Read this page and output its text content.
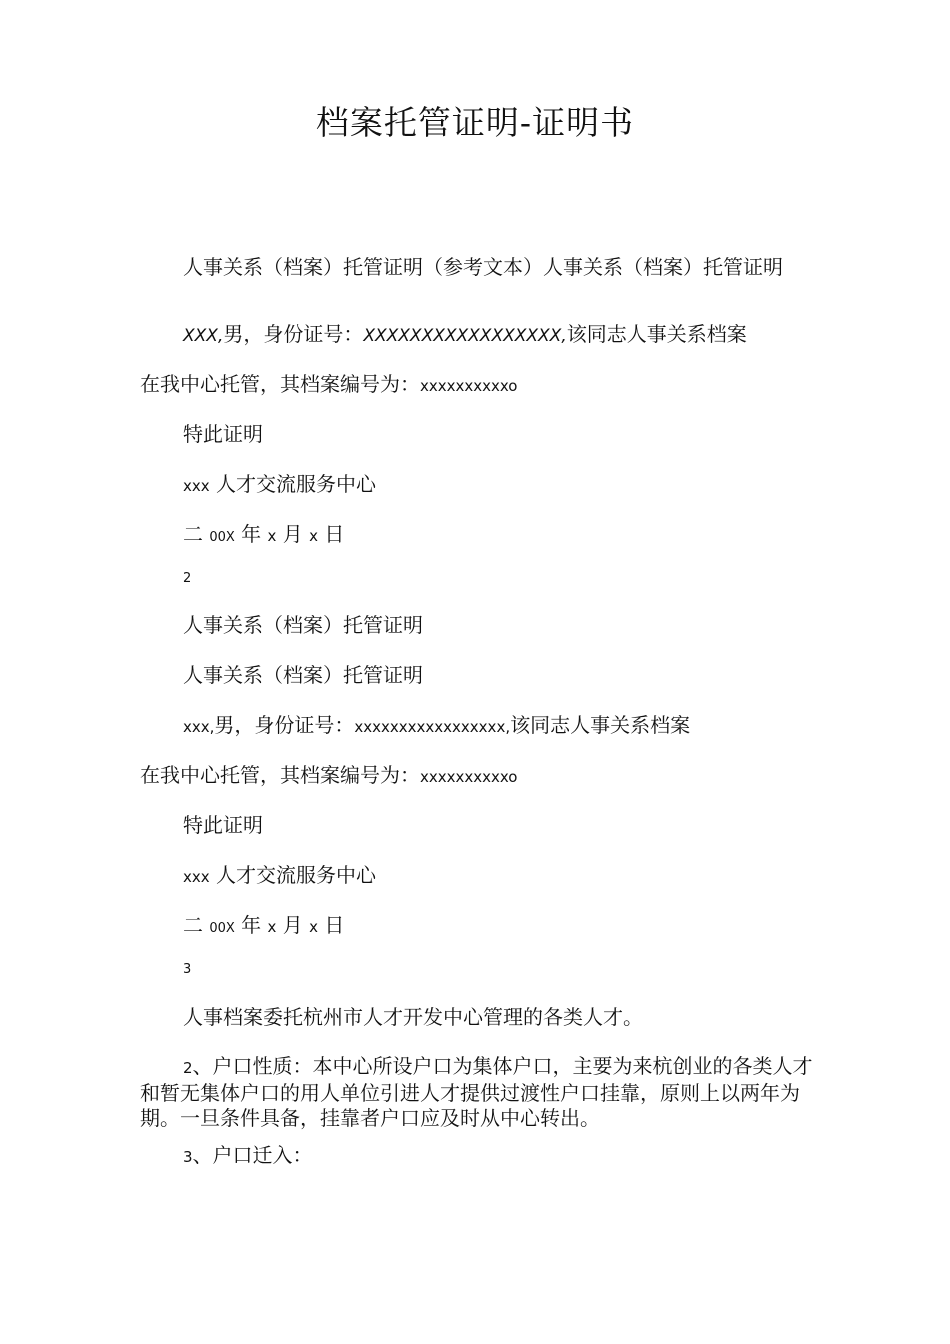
档案托管证明-证明书

人事关系（档案）托管证明（参考文本）人事关系（档案）托管证明

XXX,男，身份证号：XXXXXXXXXXXXXXXXX,该同志人事关系档案

在我中心托管，其档案编号为：xxxxxxxxxxo

特此证明

xxx 人才交流服务中心

二 00X 年 x 月 x 日

2

人事关系（档案）托管证明

人事关系（档案）托管证明

xxx,男，身份证号：xxxxxxxxxxxxxxxxx,该同志人事关系档案

在我中心托管，其档案编号为：xxxxxxxxxxo

特此证明

xxx 人才交流服务中心

二 00X 年 x 月 x 日

3

人事档案委托杭州市人才开发中心管理的各类人才。

2、户口性质：本中心所设户口为集体户口，主要为来杭创业的各类人才和暂无集体户口的用人单位引进人才提供过渡性户口挂靠，原则上以两年为期。一旦条件具备，挂靠者户口应及时从中心转出。

3、户口迁入：
